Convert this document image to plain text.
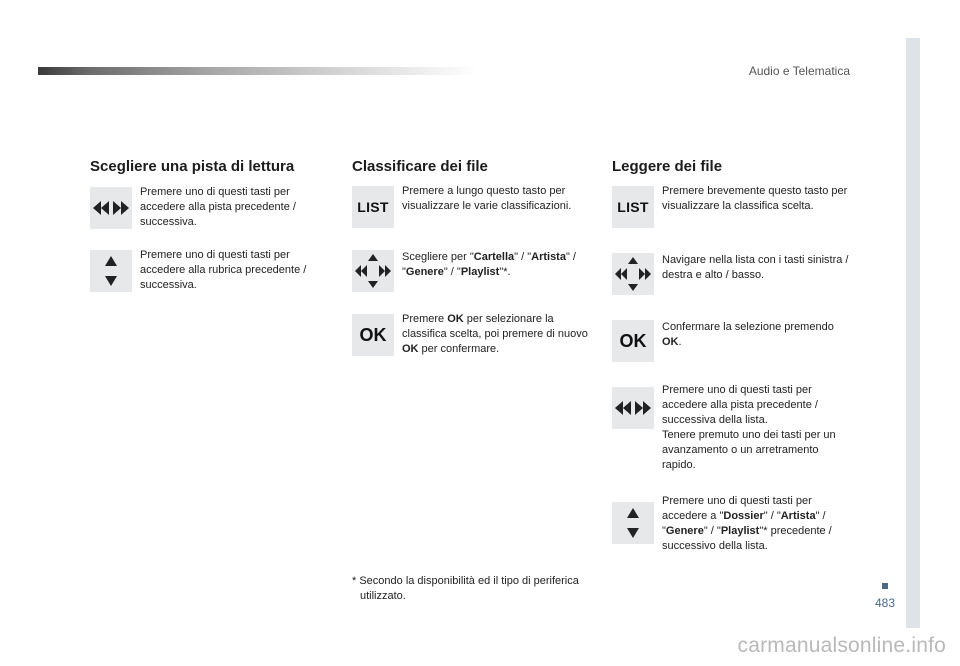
Audio e Telematica
483
carmanualsonline.info
Scegliere una pista di lettura
Premere uno di questi tasti per accedere alla pista precedente / successiva.
Premere uno di questi tasti per accedere alla rubrica precedente / successiva.
Classificare dei file
LIST
Premere a lungo questo tasto per visualizzare le varie classificazioni.
Scegliere per "Cartella" / "Artista" / "Genere" / "Playlist"*.
OK
Premere OK per selezionare la classifica scelta, poi premere di nuovo OK per confermare.
* Secondo la disponibilità ed il tipo di periferica utilizzato.
Leggere dei file
LIST
Premere brevemente questo tasto per visualizzare la classifica scelta.
Navigare nella lista con i tasti sinistra / destra e alto / basso.
OK
Confermare la selezione premendo OK.
Premere uno di questi tasti per accedere alla pista precedente / successiva della lista.
Tenere premuto uno dei tasti per un avanzamento o un arretramento rapido.
Premere uno di questi tasti per accedere a "Dossier" / "Artista" / "Genere" / "Playlist"* precedente / successivo della lista.
